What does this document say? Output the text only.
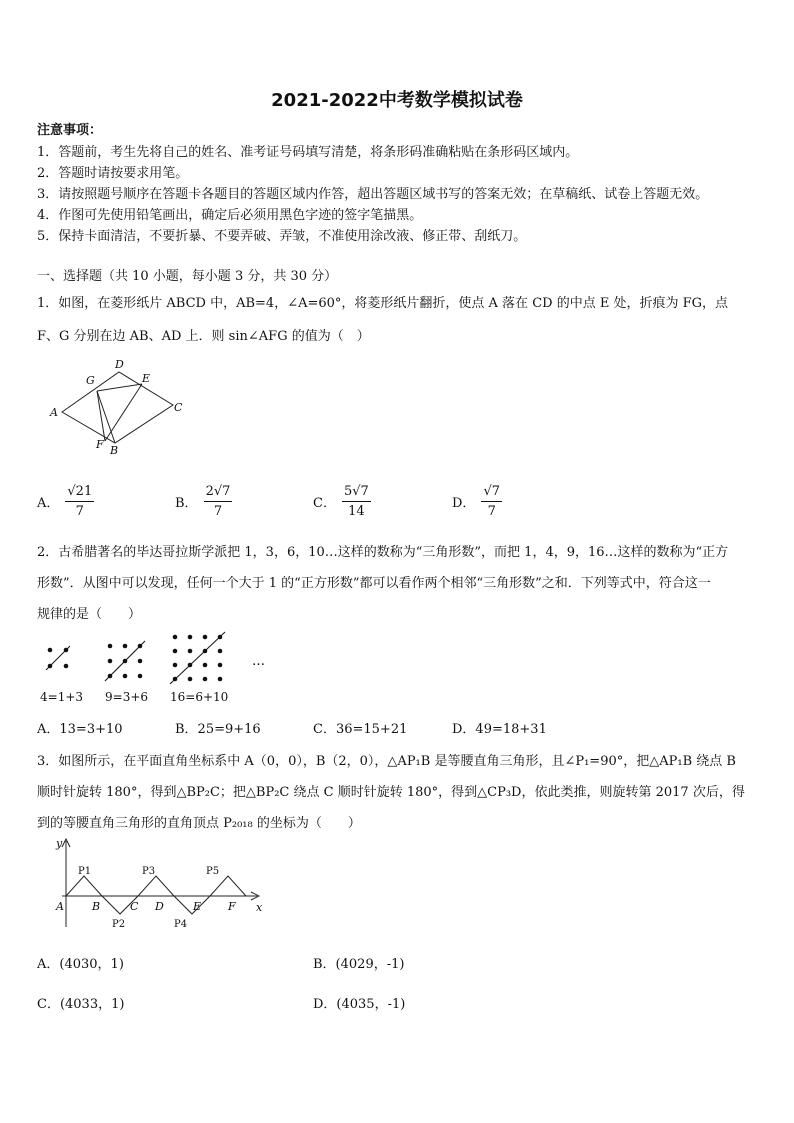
2021-2022中考数学模拟试卷
注意事项：
1．答题前，考生先将自己的姓名、准考证号码填写清楚，将条形码准确粘贴在条形码区域内。
2．答题时请按要求用笔。
3．请按照题号顺序在答题卡各题目的答题区域内作答，超出答题区域书写的答案无效；在草稿纸、试卷上答题无效。
4．作图可先使用铅笔画出，确定后必须用黑色字迹的签字笔描黑。
5．保持卡面清洁，不要折暴、不要弄破、弄皱，不准使用涂改液、修正带、刮纸刀。
一、选择题（共 10 小题，每小题 3 分，共 30 分）
1．如图，在菱形纸片 ABCD 中，AB=4，∠A=60°，将菱形纸片翻折，使点 A 落在 CD 的中点 E 处，折痕为 FG，点
F、G 分别在边 AB、AD 上．则 sin∠AFG 的值为（　）
D
G	E
A	C
F B
A． $\frac{√21}{7}$	B． $\frac{2√7}{7}$	C． $\frac{5√7}{14}$	D． $\frac{√7}{7}$
2．古希腊著名的毕达哥拉斯学派把 1，3，6，10…这样的数称为“三角形数”，而把 1，4，9，16…这样的数称为“正方
形数”．从图中可以发现，任何一个大于 1 的“正方形数”都可以看作两个相邻“三角形数”之和．下列等式中，符合这一
规律的是（　　）
…
4=1+3 9=3+6 16=6+10
A．13=3+10	B．25=9+16	C．36=15+21	D．49=18+31
3．如图所示，在平面直角坐标系中 A（0，0），B（2，0），△AP₁B 是等腰直角三角形，且∠P₁=90°，把△AP₁B 绕点 B
顺时针旋转 180°，得到△BP₂C；把△BP₂C 绕点 C 顺时针旋转 180°，得到△CP₃D，依此类推，则旋转第 2017 次后，得
到的等腰直角三角形的直角顶点 P₂₀₁₈ 的坐标为（　　）
y
x
A	B	C D	E F
P1
P2
P3
P4
P5
A．(4030，1)	B．(4029，-1)
C．(4033，1)	D．(4035，-1)
